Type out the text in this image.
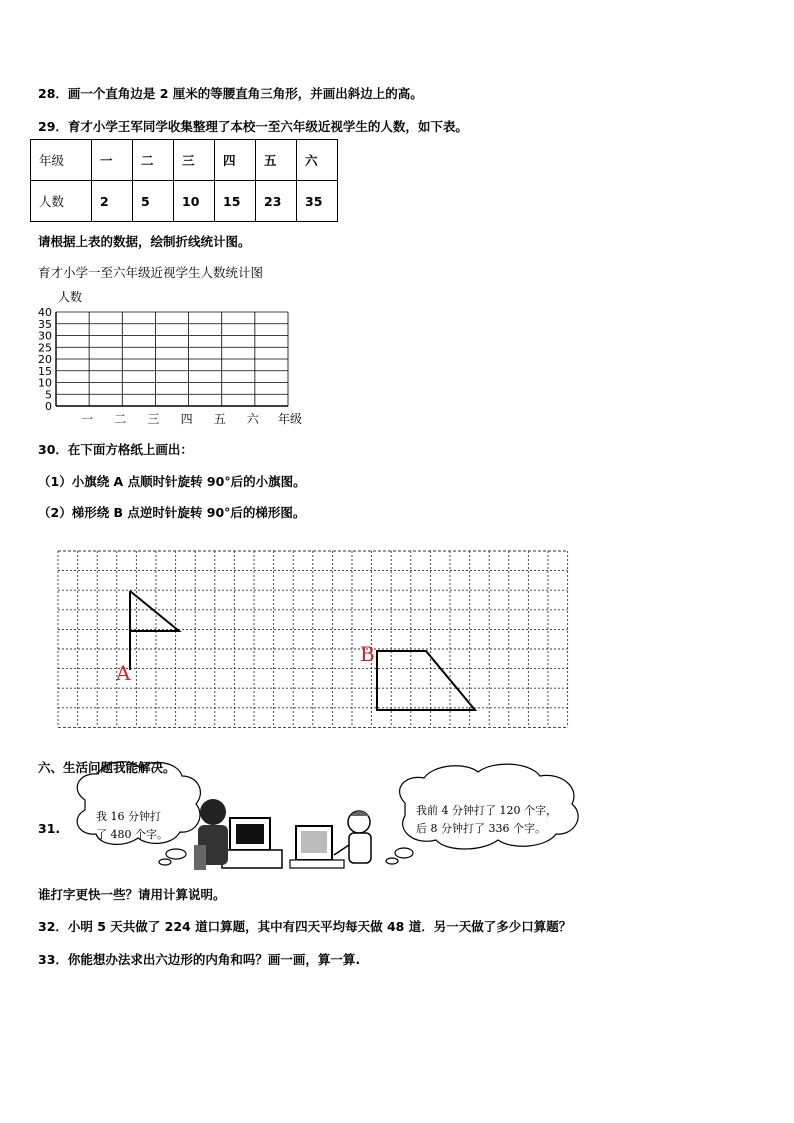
28．画一个直角边是 2 厘米的等腰直角三角形，并画出斜边上的高。
29．育才小学王军同学收集整理了本校一至六年级近视学生的人数，如下表。
年级	一	二	三	四	五	六
人数	2	5	10	15	23	35
请根据上表的数据，绘制折线统计图。
育才小学一至六年级近视学生人数统计图
人数
40
35
30
25
20
15
10
5
0
一 二 三 四 五 六 年级
30．在下面方格纸上画出：
（1）小旗绕 A 点顺时针旋转 90°后的小旗图。
（2）梯形绕 B 点逆时针旋转 90°后的梯形图。
A
B
六、生活问题我能解决。
31.
我 16 分钟打
了 480 个字。
我前 4 分钟打了 120 个字，
后 8 分钟打了 336 个字。
谁打字更快一些？请用计算说明。
32．小明 5 天共做了 224 道口算题，其中有四天平均每天做 48 道．另一天做了多少口算题？
33．你能想办法求出六边形的内角和吗？画一画，算一算.
